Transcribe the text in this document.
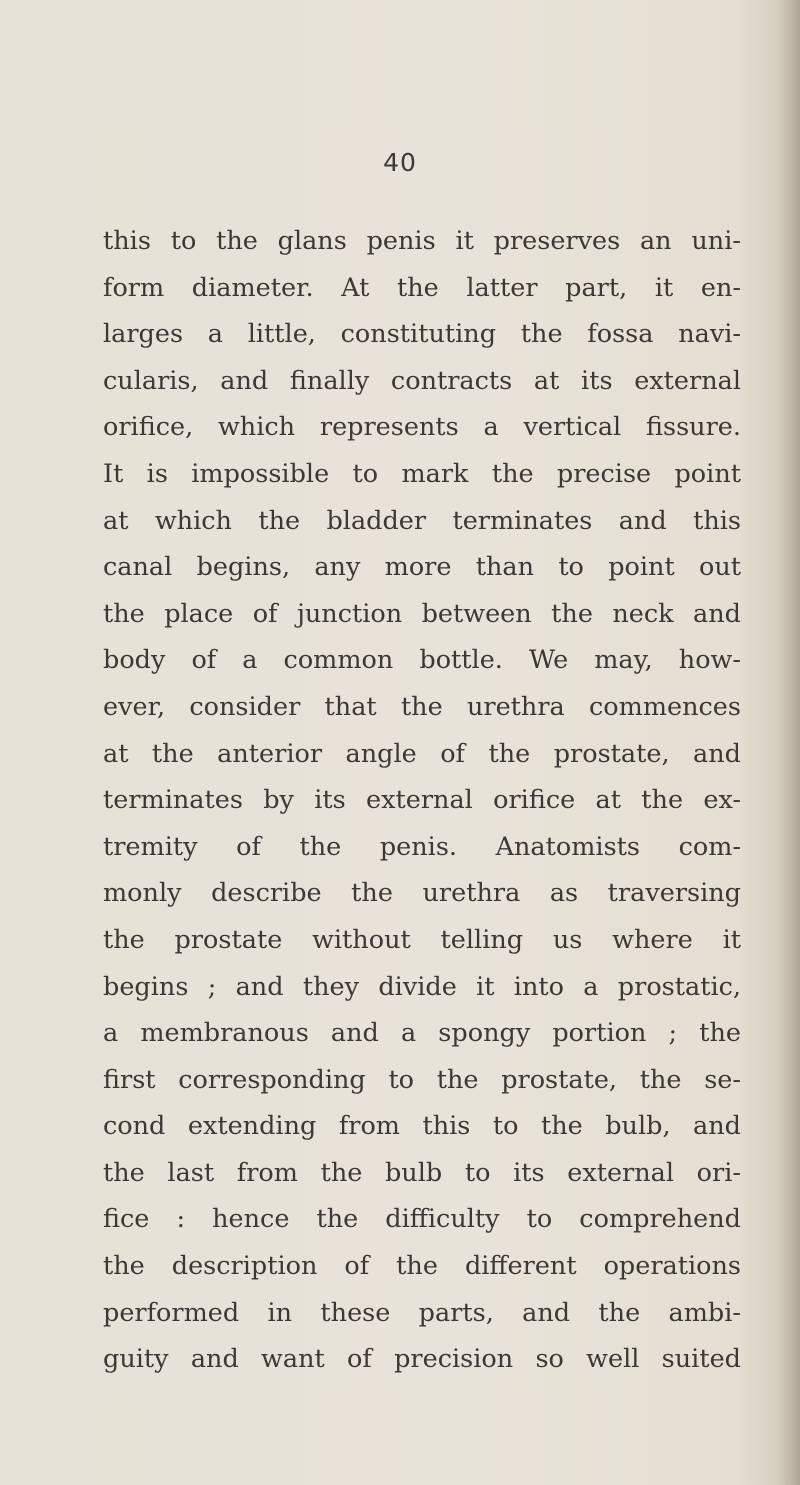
40
this to the glans penis it preserves an uni-
form diameter. At the latter part, it en-
larges a little, constituting the fossa navi-
cularis, and finally contracts at its external
orifice, which represents a vertical fissure.
It is impossible to mark the precise point
at which the bladder terminates and this
canal begins, any more than to point out
the place of junction between the neck and
body of a common bottle. We may, how-
ever, consider that the urethra commences
at the anterior angle of the prostate, and
terminates by its external orifice at the ex-
tremity of the penis. Anatomists com-
monly describe the urethra as traversing
the prostate without telling us where it
begins ; and they divide it into a prostatic,
a membranous and a spongy portion ; the
first corresponding to the prostate, the se-
cond extending from this to the bulb, and
the last from the bulb to its external ori-
fice : hence the difficulty to comprehend
the description of the different operations
performed in these parts, and the ambi-
guity and want of precision so well suited
